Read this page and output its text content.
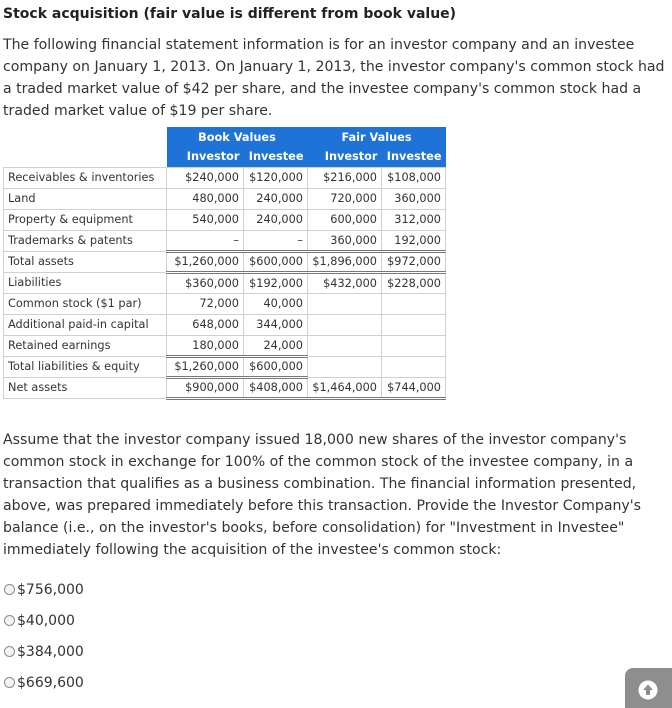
Stock acquisition (fair value is different from book value)
The following financial statement information is for an investor company and an investee company on January 1, 2013. On January 1, 2013, the investor company's common stock had a traded market value of $42 per share, and the investee company's common stock had a traded market value of $19 per share.
	Book Values		Fair Values	
	Investor	Investee	Investor	Investee
Receivables & inventories	$240,000	$120,000	$216,000	$108,000
Land	480,000	240,000	720,000	360,000
Property & equipment	540,000	240,000	600,000	312,000
Trademarks & patents	–	–	360,000	192,000
Total assets	$1,260,000	$600,000	$1,896,000	$972,000
Liabilities	$360,000	$192,000	$432,000	$228,000
Common stock ($1 par)	72,000	40,000		
Additional paid-in capital	648,000	344,000		
Retained earnings	180,000	24,000		
Total liabilities & equity	$1,260,000	$600,000		
Net assets	$900,000	$408,000	$1,464,000	$744,000
Assume that the investor company issued 18,000 new shares of the investor company's common stock in exchange for 100% of the common stock of the investee company, in a transaction that qualifies as a business combination. The financial information presented, above, was prepared immediately before this transaction. Provide the Investor Company's balance (i.e., on the investor's books, before consolidation) for "Investment in Investee" immediately following the acquisition of the investee's common stock:
$756,000
$40,000
$384,000
$669,600
